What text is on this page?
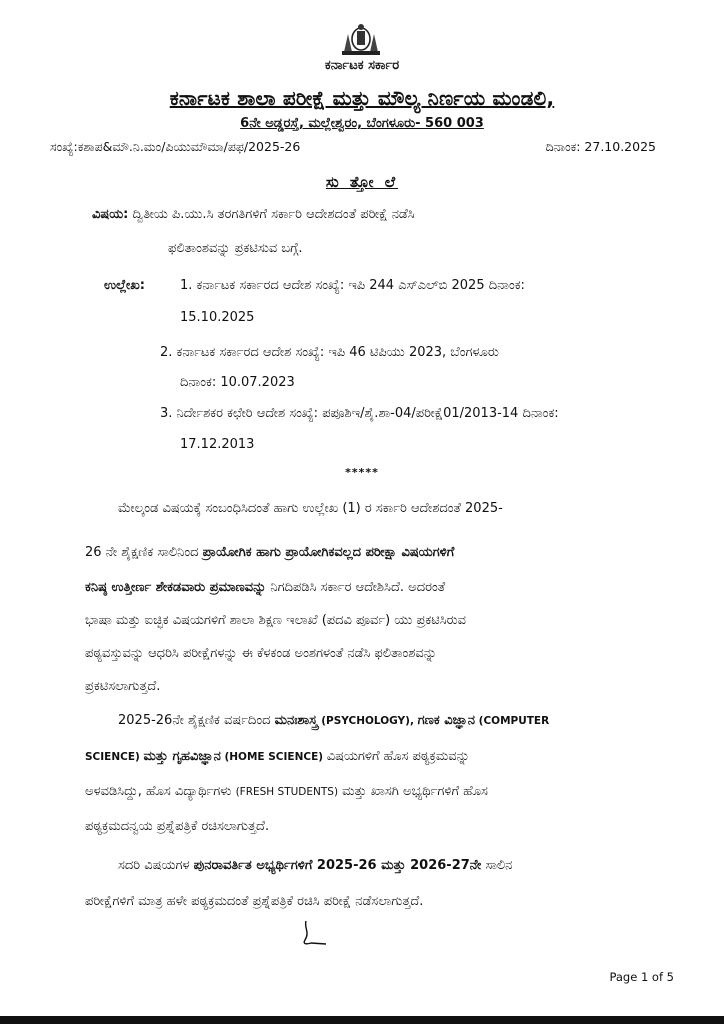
ಕರ್ನಾಟಕ ಸರ್ಕಾರ
ಕರ್ನಾಟಕ ಶಾಲಾ ಪರೀಕ್ಷೆ ಮತ್ತು ಮೌಲ್ಯ ನಿರ್ಣಯ ಮಂಡಲಿ,
6ನೇ ಅಡ್ಡರಸ್ತೆ, ಮಲ್ಲೇಶ್ವರಂ, ಬೆಂಗಳೂರು- 560 003
ಸಂಖ್ಯೆ:ಕಶಾಪ&ಮೌ.ನಿ.ಮಂ/ಪಿಯುಮೌಮಾ/ಪಫ/2025-26	ದಿನಾಂಕ: 27.10.2025
ಸು ತ್ತೋ ಲೆ
ವಿಷಯ: ದ್ವಿತೀಯ ಪಿ.ಯು.ಸಿ ತರಗತಿಗಳಿಗೆ ಸರ್ಕಾರಿ ಆದೇಶದಂತೆ ಪರೀಕ್ಷೆ ನಡೆಸಿ
ಫಲಿತಾಂಶವನ್ನು ಪ್ರಕಟಿಸುವ ಬಗ್ಗೆ.
ಉಲ್ಲೇಖ:	1. ಕರ್ನಾಟಕ ಸರ್ಕಾರದ ಆದೇಶ ಸಂಖ್ಯೆ: ಇಪಿ 244 ಎಸ್‌ಎಲ್‌ಬಿ 2025 ದಿನಾಂಕ:
15.10.2025
2. ಕರ್ನಾಟಕ ಸರ್ಕಾರದ ಆದೇಶ ಸಂಖ್ಯೆ: ಇಪಿ 46 ಟಿಪಿಯು 2023, ಬೆಂಗಳೂರು
ದಿನಾಂಕ: 10.07.2023
3. ನಿರ್ದೇಶಕರ ಕಛೇರಿ ಆದೇಶ ಸಂಖ್ಯೆ: ಪಪೂಶಿಇ/ಶೈ.ಶಾ-04/ಪರೀಕ್ಷೆ01/2013-14 ದಿನಾಂಕ:
17.12.2013
*****
ಮೇಲ್ಕಂಡ ವಿಷಯಕ್ಕೆ ಸಂಬಂಧಿಸಿದಂತೆ ಹಾಗು ಉಲ್ಲೇಖ (1) ರ ಸರ್ಕಾರಿ ಆದೇಶದಂತೆ 2025-
26 ನೇ ಶೈಕ್ಷಣಿಕ ಸಾಲಿನಿಂದ ಪ್ರಾಯೋಗಿಕ ಹಾಗು ಪ್ರಾಯೋಗಿಕವಲ್ಲದ ಪರೀಕ್ಷಾ ವಿಷಯಗಳಿಗೆ
ಕನಿಷ್ಠ ಉತ್ತೀರ್ಣ ಶೇಕಡವಾರು ಪ್ರಮಾಣವನ್ನು ನಿಗದಿಪಡಿಸಿ ಸರ್ಕಾರ ಆದೇಶಿಸಿದೆ. ಅದರಂತೆ
ಭಾಷಾ ಮತ್ತು ಐಚ್ಛಿಕ ವಿಷಯಗಳಿಗೆ ಶಾಲಾ ಶಿಕ್ಷಣ ಇಲಾಖೆ (ಪದವಿ ಪೂರ್ವ) ಯು ಪ್ರಕಟಿಸಿರುವ
ಪಠ್ಯವಸ್ತುವನ್ನು ಆಧರಿಸಿ ಪರೀಕ್ಷೆಗಳನ್ನು ಈ ಕೆಳಕಂಡ ಅಂಶಗಳಂತೆ ನಡೆಸಿ ಫಲಿತಾಂಶವನ್ನು
ಪ್ರಕಟಿಸಲಾಗುತ್ತದೆ.
2025-26ನೇ ಶೈಕ್ಷಣಿಕ ವರ್ಷದಿಂದ ಮನಃಶಾಸ್ತ್ರ (PSYCHOLOGY), ಗಣಕ ವಿಜ್ಞಾನ (COMPUTER
SCIENCE) ಮತ್ತು ಗೃಹವಿಜ್ಞಾನ (HOME SCIENCE) ವಿಷಯಗಳಿಗೆ ಹೊಸ ಪಠ್ಯಕ್ರಮವನ್ನು
ಅಳವಡಿಸಿದ್ದು, ಹೊಸ ವಿದ್ಯಾರ್ಥಿಗಳು (FRESH STUDENTS) ಮತ್ತು ಖಾಸಗಿ ಅಭ್ಯರ್ಥಿಗಳಿಗೆ ಹೊಸ
ಪಠ್ಯಕ್ರಮದನ್ವಯ ಪ್ರಶ್ನೆಪತ್ರಿಕೆ ರಚಿಸಲಾಗುತ್ತದೆ.
ಸದರಿ ವಿಷಯಗಳ ಪುನರಾವರ್ತಿತ ಅಭ್ಯರ್ಥಿಗಳಿಗೆ 2025-26 ಮತ್ತು 2026-27ನೇ ಸಾಲಿನ
ಪರೀಕ್ಷೆಗಳಿಗೆ ಮಾತ್ರ ಹಳೇ ಪಠ್ಯಕ್ರಮದಂತೆ ಪ್ರಶ್ನೆಪತ್ರಿಕೆ ರಚಿಸಿ ಪರೀಕ್ಷೆ ನಡೆಸಲಾಗುತ್ತದೆ.
Page 1 of 5
